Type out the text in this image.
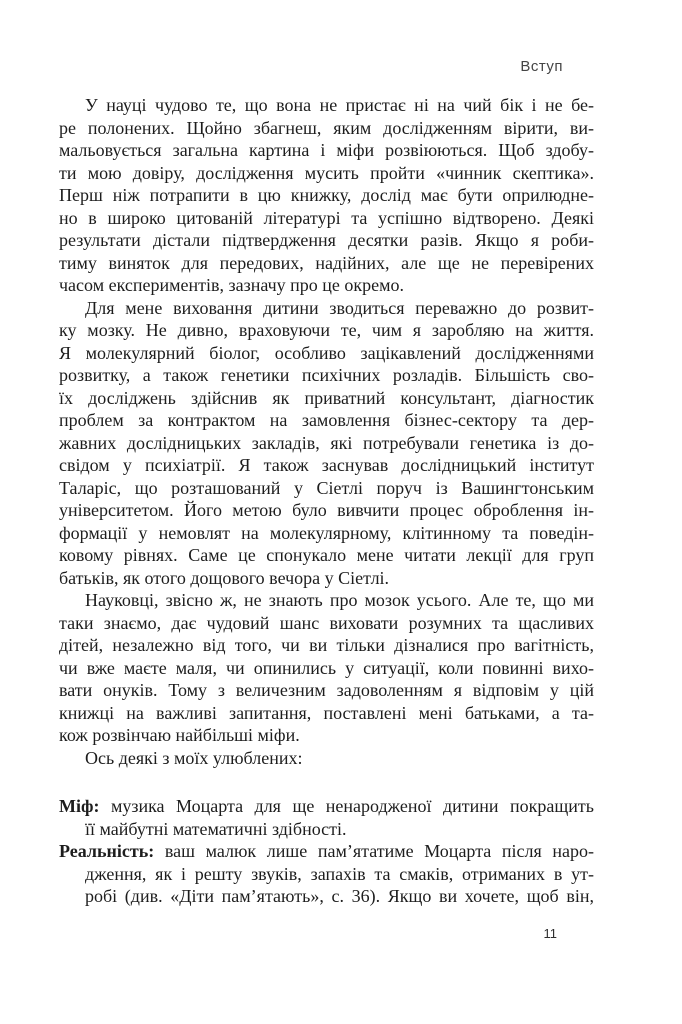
Вступ
У науці чудово те, що вона не пристає ні на чий бік і не бе-
ре полонених. Щойно збагнеш, яким дослідженням вірити, ви-
мальовується загальна картина і міфи розвіюються. Щоб здобу-
ти мою довіру, дослідження мусить пройти «чинник скептика».
Перш ніж потрапити в цю книжку, дослід має бути оприлюдне-
но в широко цитованій літературі та успішно відтворено. Деякі
результати дістали підтвердження десятки разів. Якщо я роби-
тиму виняток для передових, надійних, але ще не перевірених
часом експериментів, зазначу про це окремо.
Для мене виховання дитини зводиться переважно до розвит-
ку мозку. Не дивно, враховуючи те, чим я заробляю на життя.
Я молекулярний біолог, особливо зацікавлений дослідженнями
розвитку, а також генетики психічних розладів. Більшість сво-
їх досліджень здійснив як приватний консультант, діагностик
проблем за контрактом на замовлення бізнес-сектору та дер-
жавних дослідницьких закладів, які потребували генетика із до-
свідом у психіатрії. Я також заснував дослідницький інститут
Таларіс, що розташований у Сіетлі поруч із Вашингтонським
університетом. Його метою було вивчити процес оброблення ін-
формації у немовлят на молекулярному, клітинному та поведін-
ковому рівнях. Саме це спонукало мене читати лекції для груп
батьків, як отого дощового вечора у Сіетлі.
Науковці, звісно ж, не знають про мозок усього. Але те, що ми
таки знаємо, дає чудовий шанс виховати розумних та щасливих
дітей, незалежно від того, чи ви тільки дізналися про вагітність,
чи вже маєте маля, чи опинились у ситуації, коли повинні вихо-
вати онуків. Тому з величезним задоволенням я відповім у цій
книжці на важливі запитання, поставлені мені батьками, а та-
кож розвінчаю найбільші міфи.
Ось деякі з моїх улюблених:
Міф: музика Моцарта для ще ненародженої дитини покращить
її майбутні математичні здібності.
Реальність: ваш малюк лише пам’ятатиме Моцарта після наро-
дження, як і решту звуків, запахів та смаків, отриманих в ут-
робі (див. «Діти пам’ятають», с. 36). Якщо ви хочете, щоб він,
11
